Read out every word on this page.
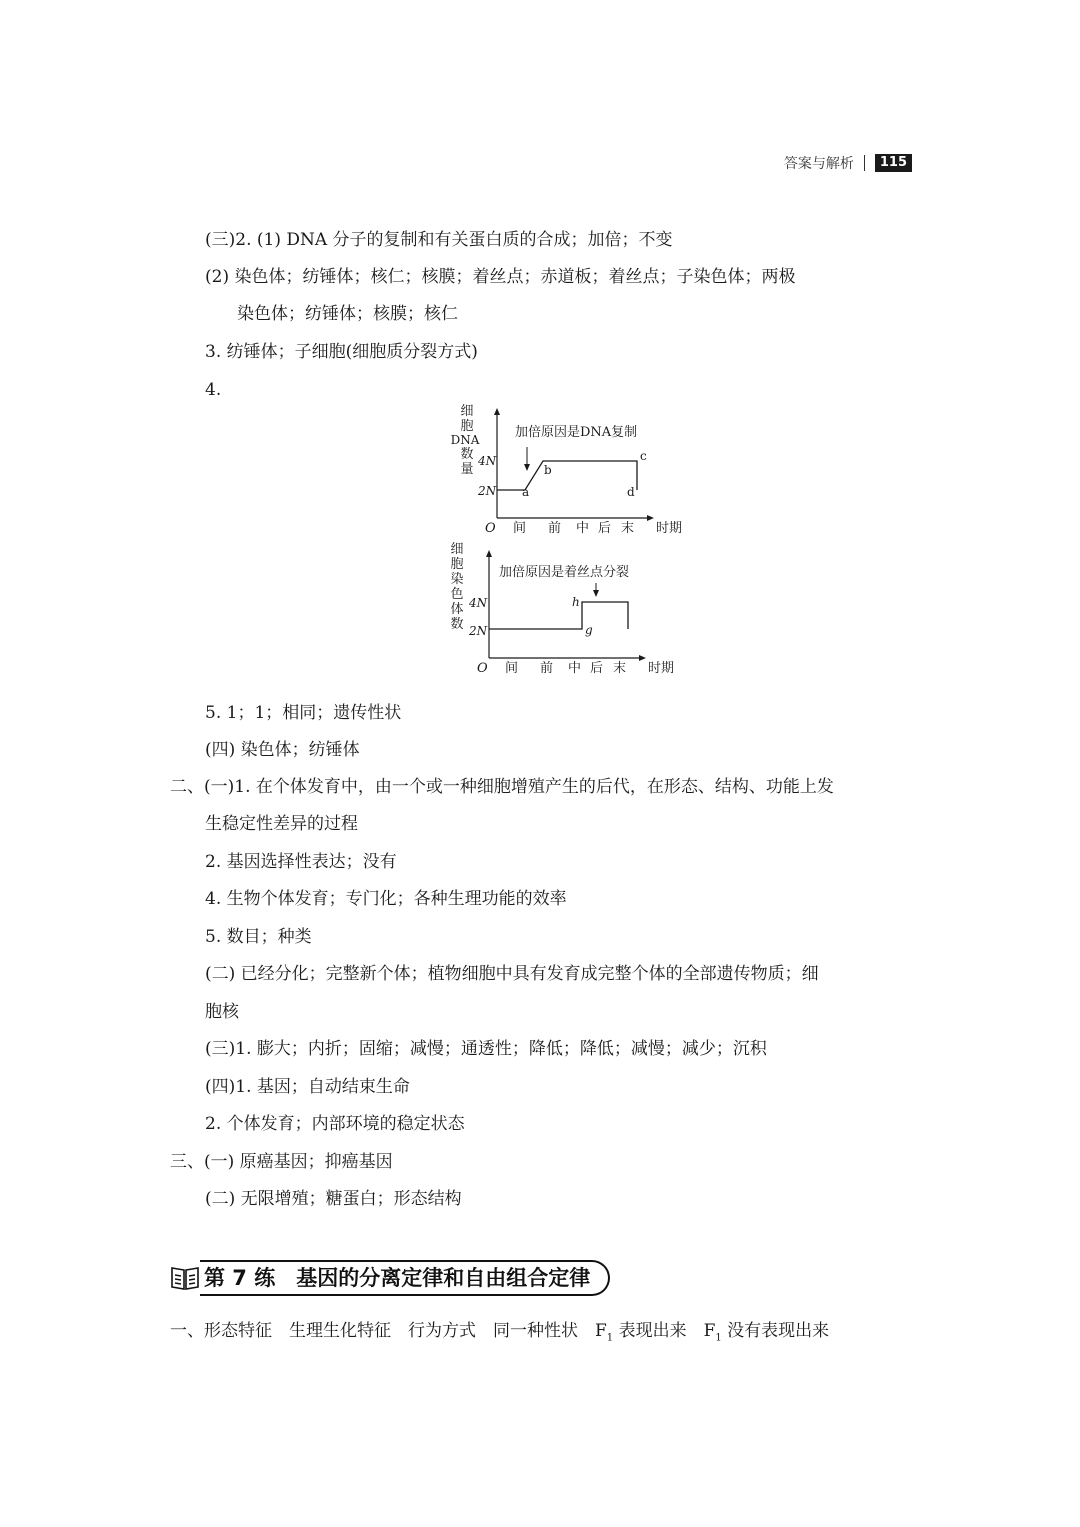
答案与解析	115
(三)2. (1) DNA 分子的复制和有关蛋白质的合成；加倍；不变
(2) 染色体；纺锤体；核仁；核膜；着丝点；赤道板；着丝点；子染色体；两极
染色体；纺锤体；核膜；核仁
3. 纺锤体；子细胞(细胞质分裂方式)
4.
细
胞
DNA
数
量
4N
2N
加倍原因是DNA复制
a
b
c
d
O 间 前 中 后 末 时期
细
胞
染
色
体
数
4N
2N
加倍原因是着丝点分裂
h
g
O 间 前 中 后 末 时期
5. 1；1；相同；遗传性状
(四) 染色体；纺锤体
二、(一)1. 在个体发育中，由一个或一种细胞增殖产生的后代，在形态、结构、功能上发
生稳定性差异的过程
2. 基因选择性表达；没有
4. 生物个体发育；专门化；各种生理功能的效率
5. 数目；种类
(二) 已经分化；完整新个体；植物细胞中具有发育成完整个体的全部遗传物质；细
胞核
(三)1. 膨大；内折；固缩；减慢；通透性；降低；降低；减慢；减少；沉积
(四)1. 基因；自动结束生命
2. 个体发育；内部环境的稳定状态
三、(一) 原癌基因；抑癌基因
(二) 无限增殖；糖蛋白；形态结构
第 7 练　基因的分离定律和自由组合定律
一、形态特征　生理生化特征　行为方式　同一种性状　$F_1$ 表现出来　$F_1$ 没有表现出来
